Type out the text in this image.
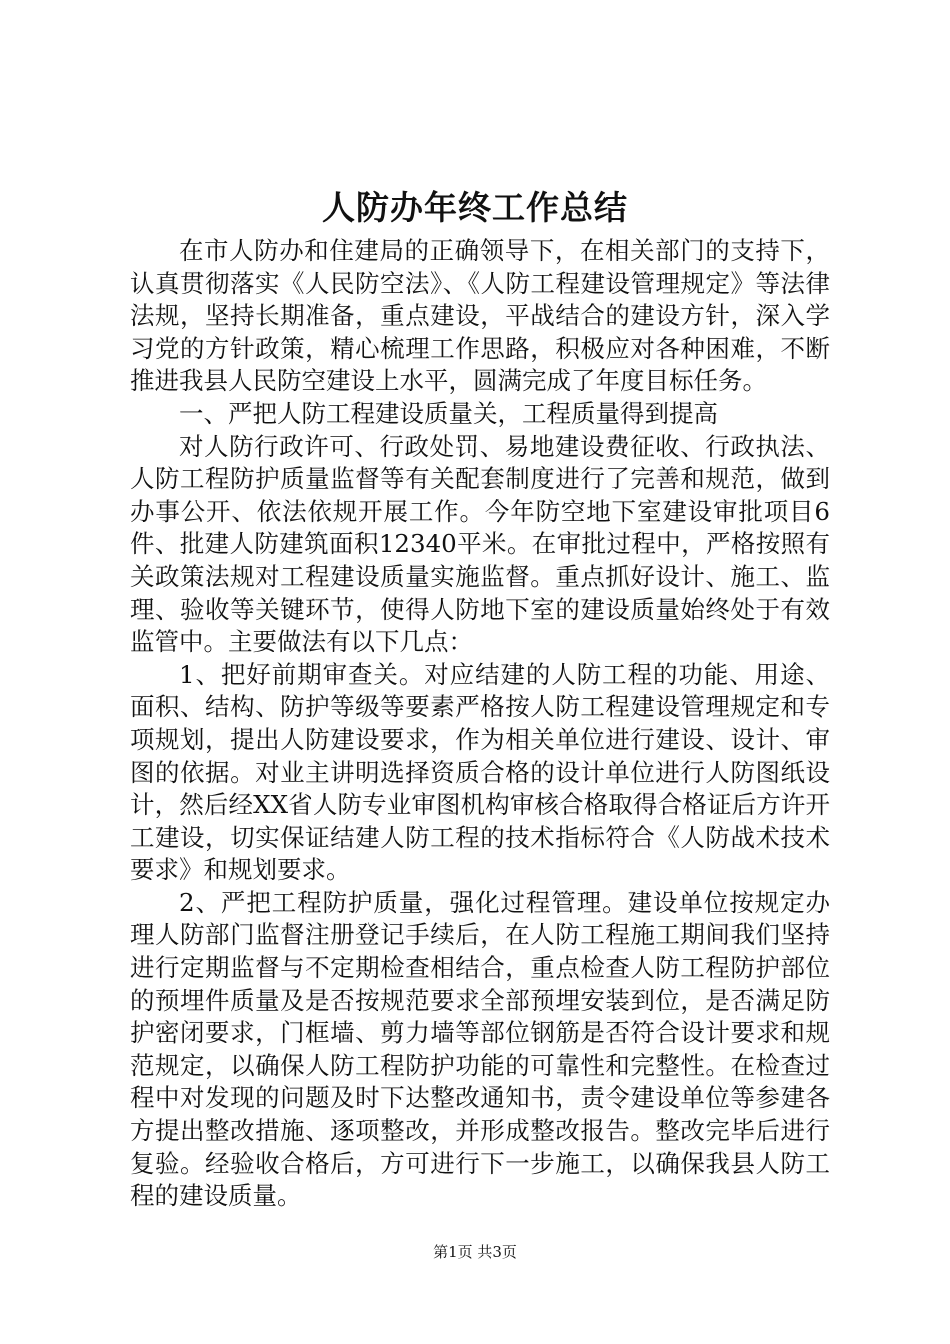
人防办年终工作总结

在市人防办和住建局的正确领导下，在相关部门的支持下，认真贯彻落实《人民防空法》、《人防工程建设管理规定》等法律法规，坚持长期准备，重点建设，平战结合的建设方针，深入学习党的方针政策，精心梳理工作思路，积极应对各种困难，不断推进我县人民防空建设上水平，圆满完成了年度目标任务。

一、严把人防工程建设质量关，工程质量得到提高

对人防行政许可、行政处罚、易地建设费征收、行政执法、人防工程防护质量监督等有关配套制度进行了完善和规范，做到办事公开、依法依规开展工作。今年防空地下室建设审批项目6件、批建人防建筑面积12340平米。在审批过程中，严格按照有关政策法规对工程建设质量实施监督。重点抓好设计、施工、监理、验收等关键环节，使得人防地下室的建设质量始终处于有效监管中。主要做法有以下几点：

1、把好前期审查关。对应结建的人防工程的功能、用途、面积、结构、防护等级等要素严格按人防工程建设管理规定和专项规划，提出人防建设要求，作为相关单位进行建设、设计、审图的依据。对业主讲明选择资质合格的设计单位进行人防图纸设计，然后经XX省人防专业审图机构审核合格取得合格证后方许开工建设，切实保证结建人防工程的技术指标符合《人防战术技术要求》和规划要求。

2、严把工程防护质量，强化过程管理。建设单位按规定办理人防部门监督注册登记手续后，在人防工程施工期间我们坚持进行定期监督与不定期检查相结合，重点检查人防工程防护部位的预埋件质量及是否按规范要求全部预埋安装到位，是否满足防护密闭要求，门框墙、剪力墙等部位钢筋是否符合设计要求和规范规定，以确保人防工程防护功能的可靠性和完整性。在检查过程中对发现的问题及时下达整改通知书，责令建设单位等参建各方提出整改措施、逐项整改，并形成整改报告。整改完毕后进行复验。经验收合格后，方可进行下一步施工，以确保我县人防工程的建设质量。

第1页 共3页
